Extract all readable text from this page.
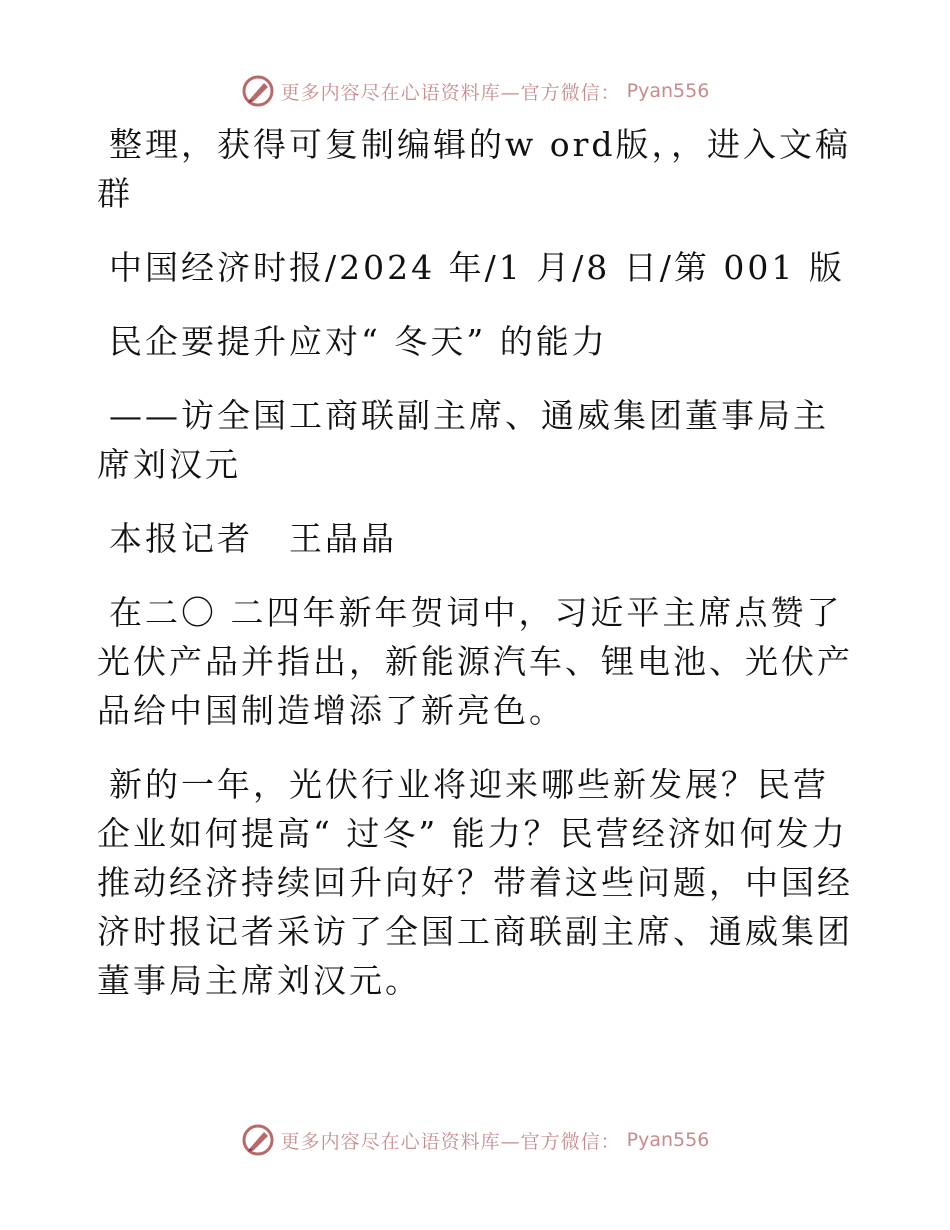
更多内容尽在心语资料库—官方微信： Pyan556

整理，获得可复制编辑的w ord版，，进入文稿群

中国经济时报/2024 年/1 月/8 日/第 001 版

民企要提升应对“ 冬天” 的能力

——访全国工商联副主席、通威集团董事局主席刘汉元

本报记者　王晶晶

在二〇 二四年新年贺词中，习近平主席点赞了光伏产品并指出，新能源汽车、锂电池、光伏产品给中国制造增添了新亮色。

新的一年，光伏行业将迎来哪些新发展？民营企业如何提高“ 过冬” 能力？民营经济如何发力推动经济持续回升向好？带着这些问题，中国经济时报记者采访了全国工商联副主席、通威集团董事局主席刘汉元。

更多内容尽在心语资料库—官方微信： Pyan556
